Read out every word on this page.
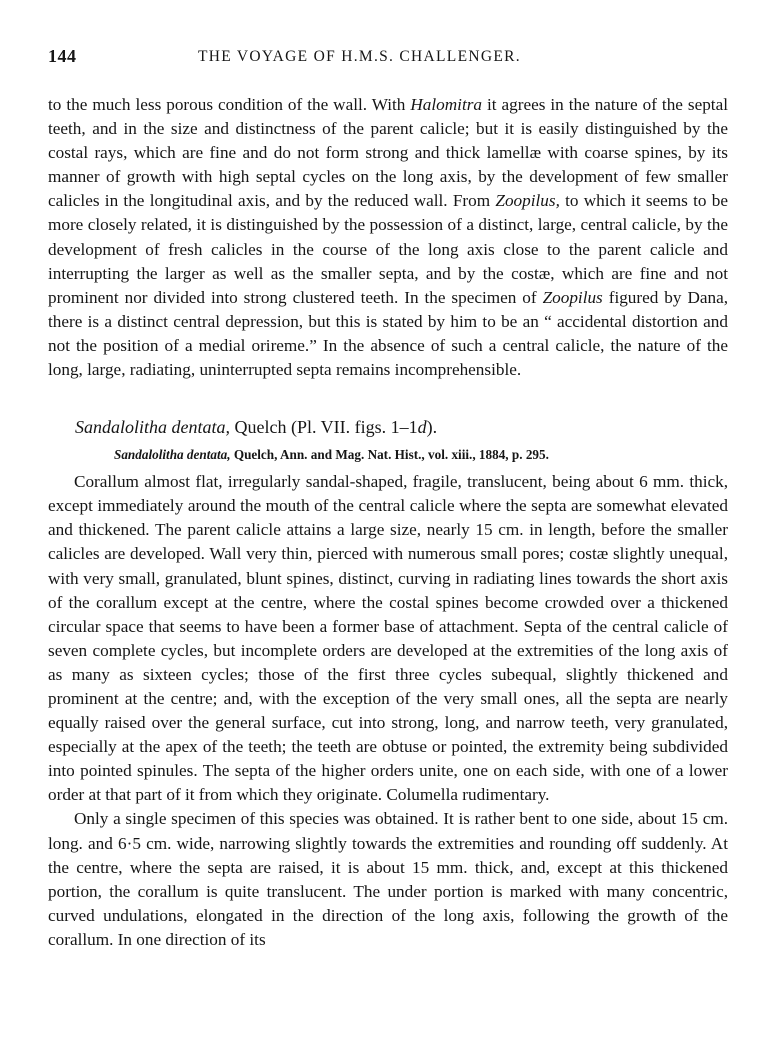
144	THE VOYAGE OF H.M.S. CHALLENGER.

to the much less porous condition of the wall. With Halomitra it agrees in the nature of the septal teeth, and in the size and distinctness of the parent calicle; but it is easily distinguished by the costal rays, which are fine and do not form strong and thick lamellæ with coarse spines, by its manner of growth with high septal cycles on the long axis, by the development of few smaller calicles in the longitudinal axis, and by the reduced wall. From Zoopilus, to which it seems to be more closely related, it is distinguished by the possession of a distinct, large, central calicle, by the development of fresh calicles in the course of the long axis close to the parent calicle and interrupting the larger as well as the smaller septa, and by the costæ, which are fine and not prominent nor divided into strong clustered teeth. In the specimen of Zoopilus figured by Dana, there is a distinct central depression, but this is stated by him to be an “ accidental distortion and not the position of a medial orireme.” In the absence of such a central calicle, the nature of the long, large, radiating, uninterrupted septa remains incomprehensible.

Sandalolitha dentata, Quelch (Pl. VII. figs. 1–1d).
Sandalolitha dentata, Quelch, Ann. and Mag. Nat. Hist., vol. xiii., 1884, p. 295.

Corallum almost flat, irregularly sandal-shaped, fragile, translucent, being about 6 mm. thick, except immediately around the mouth of the central calicle where the septa are somewhat elevated and thickened. The parent calicle attains a large size, nearly 15 cm. in length, before the smaller calicles are developed. Wall very thin, pierced with numerous small pores; costæ slightly unequal, with very small, granulated, blunt spines, distinct, curving in radiating lines towards the short axis of the corallum except at the centre, where the costal spines become crowded over a thickened circular space that seems to have been a former base of attachment. Septa of the central calicle of seven complete cycles, but incomplete orders are developed at the extremities of the long axis of as many as sixteen cycles; those of the first three cycles subequal, slightly thickened and prominent at the centre; and, with the exception of the very small ones, all the septa are nearly equally raised over the general surface, cut into strong, long, and narrow teeth, very granulated, especially at the apex of the teeth; the teeth are obtuse or pointed, the extremity being subdivided into pointed spinules. The septa of the higher orders unite, one on each side, with one of a lower order at that part of it from which they originate. Columella rudimentary.

Only a single specimen of this species was obtained. It is rather bent to one side, about 15 cm. long. and 6·5 cm. wide, narrowing slightly towards the extremities and rounding off suddenly. At the centre, where the septa are raised, it is about 15 mm. thick, and, except at this thickened portion, the corallum is quite translucent. The under portion is marked with many concentric, curved undulations, elongated in the direction of the long axis, following the growth of the corallum. In one direction of its
